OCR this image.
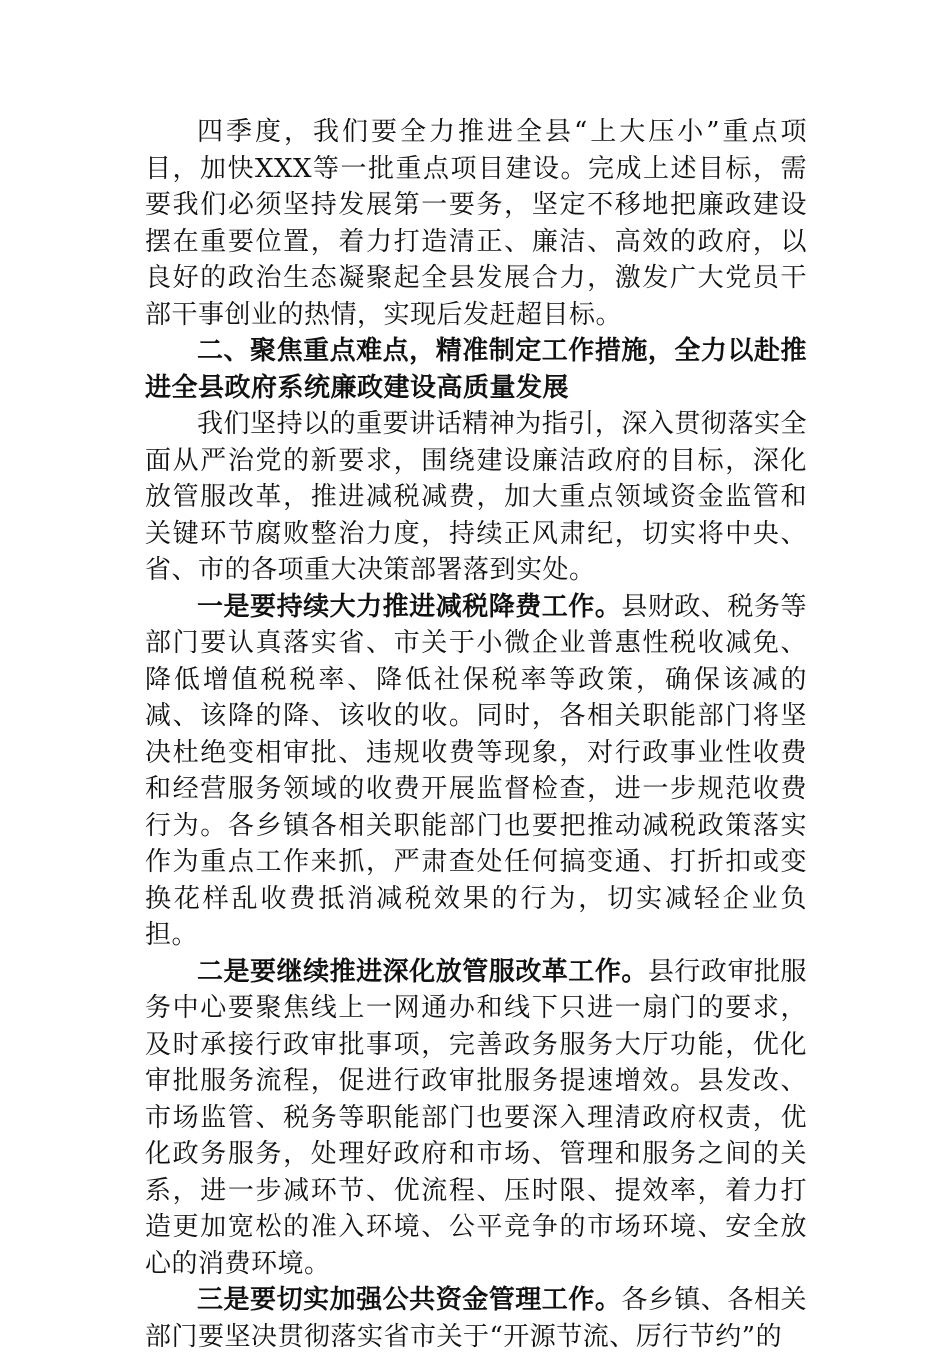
四季度，我们要全力推进全县“上大压小”重点项目，加快XXX等一批重点项目建设。完成上述目标，需要我们必须坚持发展第一要务，坚定不移地把廉政建设摆在重要位置，着力打造清正、廉洁、高效的政府，以良好的政治生态凝聚起全县发展合力，激发广大党员干部干事创业的热情，实现后发赶超目标。

二、聚焦重点难点，精准制定工作措施，全力以赴推进全县政府系统廉政建设高质量发展

我们坚持以的重要讲话精神为指引，深入贯彻落实全面从严治党的新要求，围绕建设廉洁政府的目标，深化放管服改革，推进减税减费，加大重点领域资金监管和关键环节腐败整治力度，持续正风肃纪，切实将中央、省、市的各项重大决策部署落到实处。

一是要持续大力推进减税降费工作。县财政、税务等部门要认真落实省、市关于小微企业普惠性税收减免、降低增值税税率、降低社保税率等政策，确保该减的减、该降的降、该收的收。同时，各相关职能部门将坚决杜绝变相审批、违规收费等现象，对行政事业性收费和经营服务领域的收费开展监督检查，进一步规范收费行为。各乡镇各相关职能部门也要把推动减税政策落实作为重点工作来抓，严肃查处任何搞变通、打折扣或变换花样乱收费抵消减税效果的行为，切实减轻企业负担。

二是要继续推进深化放管服改革工作。县行政审批服务中心要聚焦线上一网通办和线下只进一扇门的要求，及时承接行政审批事项，完善政务服务大厅功能，优化审批服务流程，促进行政审批服务提速增效。县发改、市场监管、税务等职能部门也要深入理清政府权责，优化政务服务，处理好政府和市场、管理和服务之间的关系，进一步减环节、优流程、压时限、提效率，着力打造更加宽松的准入环境、公平竞争的市场环境、安全放心的消费环境。

三是要切实加强公共资金管理工作。各乡镇、各相关部门要坚决贯彻落实省市关于“开源节流、厉行节约”的
